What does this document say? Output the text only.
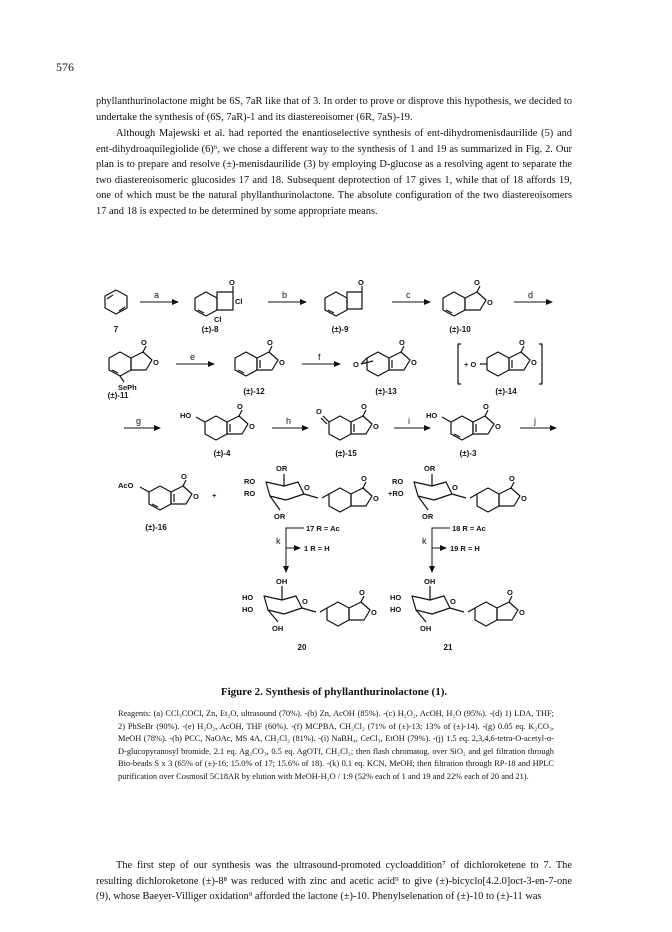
576

phyllanthurinolactone might be 6S, 7aR like that of 3. In order to prove or disprove this hypothesis, we decided to undertake the synthesis of (6S, 7aR)-1 and its diastereoisomer (6R, 7aS)-19.

Although Majewski et al. had reported the enantioselective synthesis of ent-dihydromenisdaurilide (5) and ent-dihydroaquilegiolide (6)⁶, we chose a different way to the synthesis of 1 and 19 as summarized in Fig. 2. Our plan is to prepare and resolve (±)-menisdaurilide (3) by employing D-glucose as a resolving agent to separate the two diastereoisomeric glucosides 17 and 18. Subsequent deprotection of 17 gives 1, while that of 18 affords 19, one of which must be the natural phyllanthurinolactone. The absolute configuration of the two diastereoisomers 17 and 18 is expected to be determined by some appropriate means.

a	b	c	d
e	f
g	h	i	j
k	k
O
Cl
Cl
O	O
O
O
O
SePh
O
O
O
O
O	+ O
O
O
HO
O
O
O
O
O
HO
O
O
AcO
O
O +
OR
RO
RO
OR
O
O
O
+RO
OR
RO
OR
O
O
O
OH
HO
HO
OH
O
O
O
OH
HO
HO
OH
O
O
O
7	(±)-8	(±)-9	(±)-10
(±)-11	(±)-12	(±)-13	(±)-14
(±)-4	(±)-15	(±)-3
(±)-16
20	21
17 R = Ac
1 R = H
18 R = Ac
19 R = H

Figure 2. Synthesis of phyllanthurinolactone (1).

Reagents: (a) CCl₃COCl, Zn, Et₂O, ultrasound (70%). -(b) Zn, AcOH (85%). -(c) H₂O₂, AcOH, H₂O (95%). -(d) 1) LDA, THF; 2) PhSeBr (90%). -(e) H₂O₂, AcOH, THF (60%). -(f) MCPBA, CH₂Cl₂ (71% of (±)-13; 13% of (±)-14). -(g) 0.05 eq. K₂CO₃, MeOH (78%). -(h) PCC, NaOAc, MS 4A, CH₂Cl₂ (81%). -(i) NaBH₄, CeCl₃, EtOH (79%). -(j) 1.5 eq. 2,3,4,6-tetra-O-acetyl-α-D-glucopyranosyl bromide, 2.1 eq. Ag₂CO₃, 0.5 eq. AgOTf, CH₂Cl₂; then flash chromatog. over SiO₂ and gel filtration through Bio-beads S x 3 (65% of (±)-16; 15.0% of 17; 15.6% of 18). -(k) 0.1 eq. KCN, MeOH; then filtration through RP-18 and HPLC purification over Cosmosil 5C18AR by elution with MeOH-H₂O / 1:9 (52% each of 1 and 19 and 22% each of 20 and 21).

The first step of our synthesis was the ultrasound-promoted cycloaddition⁷ of dichloroketene to 7. The resulting dichloroketone (±)-8⁸ was reduced with zinc and acetic acid⁹ to give (±)-bicyclo[4.2.0]oct-3-en-7-one (9), whose Baeyer-Villiger oxidation⁹ afforded the lactone (±)-10. Phenylselenation of (±)-10 to (±)-11 was
